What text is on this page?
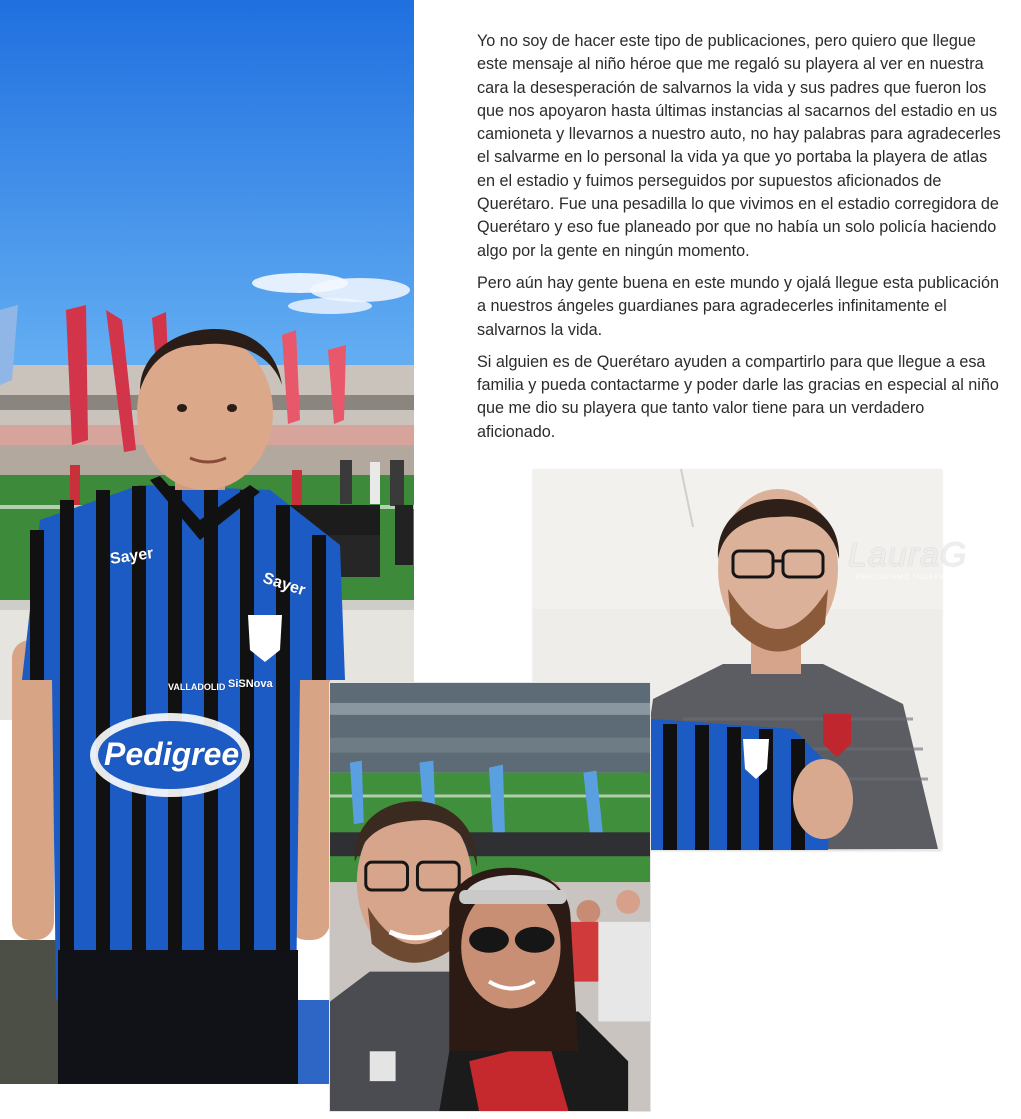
Yo no soy de hacer este tipo de publicaciones, pero quiero que llegue este mensaje al niño héroe que me regaló su playera al ver en nuestra cara la desesperación de salvarnos la vida y sus padres que fueron los que nos apoyaron hasta últimas instancias al sacarnos del estadio en us camioneta y llevarnos a nuestro auto, no hay palabras para agradecerles el salvarme en lo personal la vida ya que yo portaba la playera de atlas en el estadio y fuimos perseguidos por supuestos aficionados de Querétaro. Fue una pesadilla lo que vivimos en el estadio corregidora de Querétaro y eso fue planeado por que no había un solo policía haciendo algo por la gente en ningún momento.

Pero aún hay gente buena en este mundo y ojalá llegue esta publicación a nuestros ángeles guardianes para agradecerles infinitamente el salvarnos la vida.

Si alguien es de Querétaro ayuden a compartirlo para que llegue a esa familia y pueda contactarme y poder darle las gracias en especial al niño que me dio su playera que tanto valor tiene para un verdadero aficionado.

Sayer
Sayer
Pedigree
VALLADOLID SiSNova
LauraG
PERIODISMO INDEPENDIENTE
